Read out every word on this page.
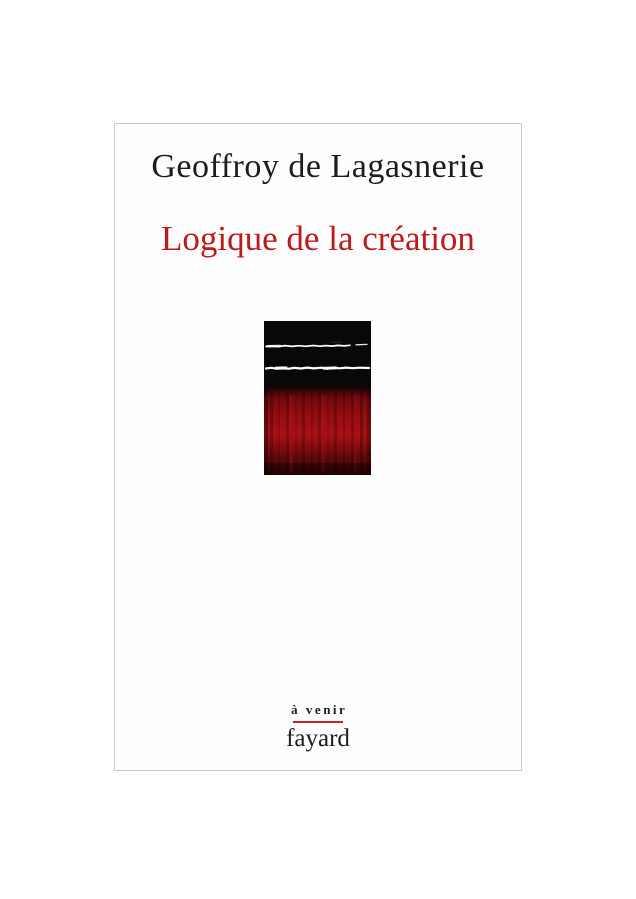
Geoffroy de Lagasnerie
Logique de la création
à venir
fayard
